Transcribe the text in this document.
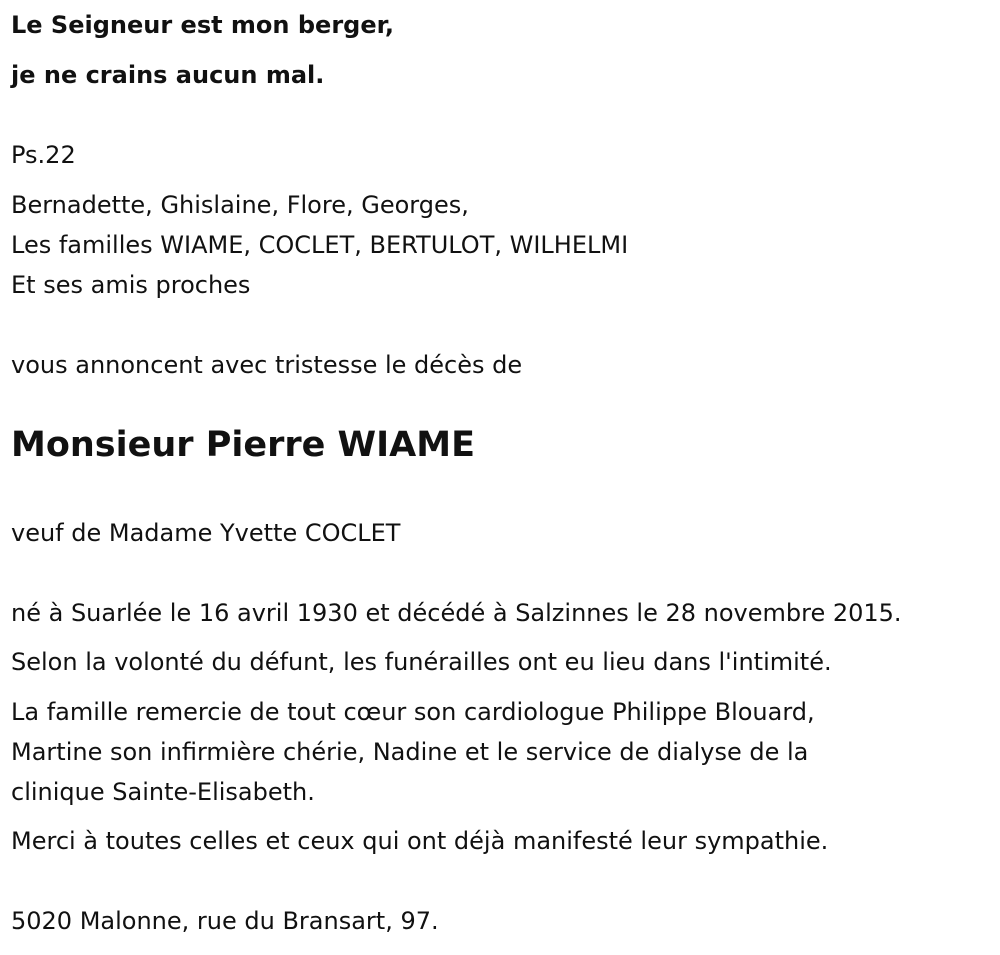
Le Seigneur est mon berger,
je ne crains aucun mal.
Ps.22
Bernadette, Ghislaine, Flore, Georges,
Les familles WIAME, COCLET, BERTULOT, WILHELMI
Et ses amis proches
vous annoncent avec tristesse le décès de
Monsieur Pierre WIAME
veuf de Madame Yvette COCLET
né à Suarlée le 16 avril 1930 et décédé à Salzinnes le 28 novembre 2015.
Selon la volonté du défunt, les funérailles ont eu lieu dans l'intimité.
La famille remercie de tout cœur son cardiologue Philippe Blouard,
Martine son infirmière chérie, Nadine et le service de dialyse de la
clinique Sainte-Elisabeth.
Merci à toutes celles et ceux qui ont déjà manifesté leur sympathie.
5020 Malonne, rue du Bransart, 97.
